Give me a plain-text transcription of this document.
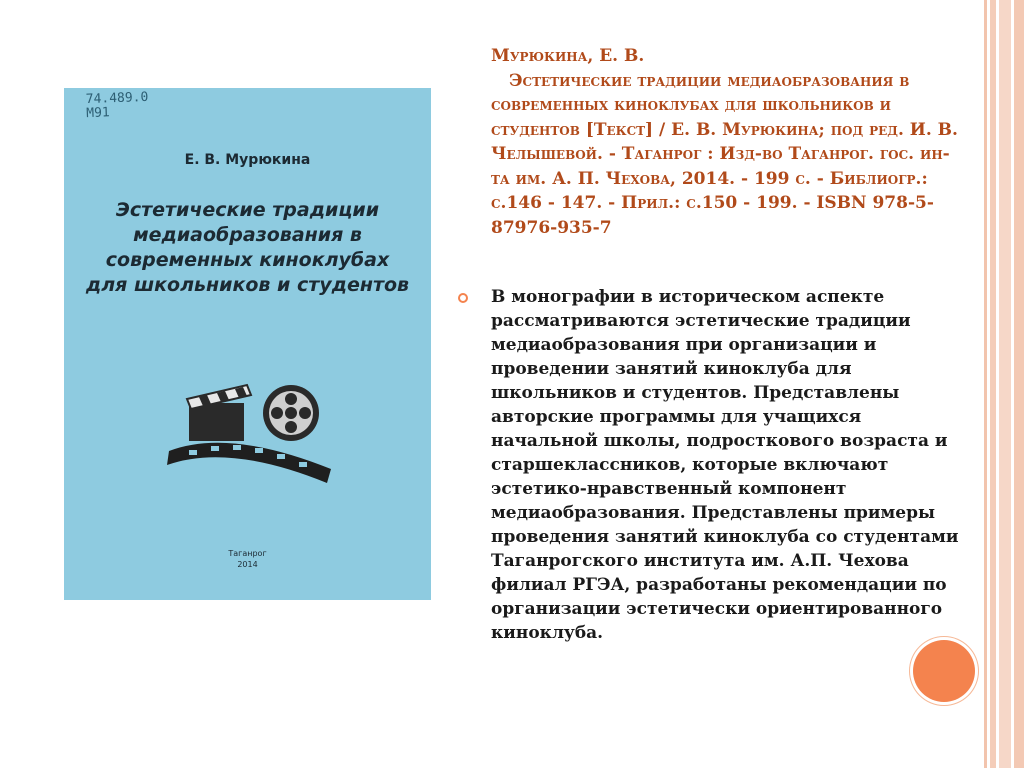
74.489.0
М91
Е. В. Мурюкина

Эстетические традиции медиаобразования в современных киноклубах для школьников и студентов

Таганрог
2014

Мурюкина, Е. В.
Эстетические традиции медиаобразования в современных киноклубах для школьников и студентов [Текст] / Е. В. Мурюкина; под ред. И. В. Челышевой. - Таганрог : Изд-во Таганрог. гос. ин-та им. А. П. Чехова, 2014. - 199 с. - Библиогр.: с.146 - 147. - Прил.: с.150 - 199. - ISBN 978-5-87976-935-7

В монографии в историческом аспекте рассматриваются эстетические традиции медиаобразования при организации и проведении занятий киноклуба для школьников и студентов. Представлены авторские программы для учащихся начальной школы, подросткового возраста и старшеклассников, которые включают эстетико-нравственный компонент медиаобразования. Представлены примеры проведения занятий киноклуба со студентами Таганрогского института им. А.П. Чехова филиал РГЭА, разработаны рекомендации по организации эстетически ориентированного киноклуба.
